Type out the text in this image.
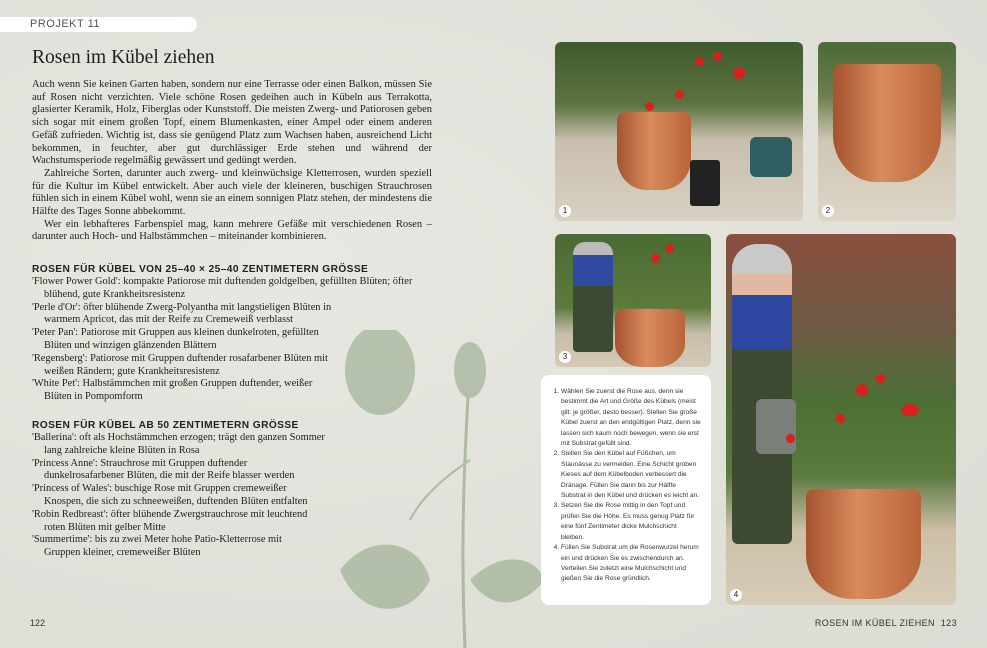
PROJEKT 11
Rosen im Kübel ziehen

Auch wenn Sie keinen Garten haben, sondern nur eine Terrasse oder einen Balkon, müssen Sie auf Rosen nicht verzichten. Viele schöne Rosen gedeihen auch in Kübeln aus Terrakotta, glasierter Keramik, Holz, Fiberglas oder Kunststoff. Die meisten Zwerg- und Patiorosen geben sich sogar mit einem großen Topf, einem Blumenkasten, einer Ampel oder einem anderen Gefäß zufrieden. Wichtig ist, dass sie genügend Platz zum Wachsen haben, ausreichend Licht bekommen, in feuchter, aber gut durchlässiger Erde stehen und während der Wachstumsperiode regelmäßig gewässert und gedüngt werden.

Zahlreiche Sorten, darunter auch zwerg- und kleinwüchsige Kletterrosen, wurden speziell für die Kultur im Kübel entwickelt. Aber auch viele der kleineren, buschigen Strauchrosen fühlen sich in einem Kübel wohl, wenn sie an einem sonnigen Platz stehen, der mindestens die Hälfte des Tages Sonne abbekommt.

Wer ein lebhafteres Farbenspiel mag, kann mehrere Gefäße mit verschiedenen Rosen – darunter auch Hoch- und Halbstämmchen – miteinander kombinieren.

ROSEN FÜR KÜBEL VON 25–40 × 25–40 ZENTIMETERN GRÖSSE
'Flower Power Gold': kompakte Patiorose mit duftenden goldgelben, gefüllten Blüten; öfter blühend, gute Krankheitsresistenz
'Perle d'Or': öfter blühende Zwerg-Polyantha mit langstieligen Blüten in warmem Apricot, das mit der Reife zu Cremeweiß verblasst
'Peter Pan': Patiorose mit Gruppen aus kleinen dunkelroten, gefüllten Blüten und winzigen glänzenden Blättern
'Regensberg': Patiorose mit Gruppen duftender rosafarbener Blüten mit weißen Rändern; gute Krankheitsresistenz
'White Pet': Halbstämmchen mit großen Gruppen duftender, weißer Blüten in Pompomform
ROSEN FÜR KÜBEL AB 50 ZENTIMETERN GRÖSSE
'Ballerina': oft als Hochstämmchen erzogen; trägt den ganzen Sommer lang zahlreiche kleine Blüten in Rosa
'Princess Anne': Strauchrose mit Gruppen duftender dunkelrosafarbener Blüten, die mit der Reife blasser werden
'Princess of Wales': buschige Rose mit Gruppen cremeweißer Knospen, die sich zu schneeweißen, duftenden Blüten entfalten
'Robin Redbreast': öfter blühende Zwergstrauchrose mit leuchtend roten Blüten mit gelber Mitte
'Summertime': bis zu zwei Meter hohe Patio-Kletterrose mit Gruppen kleiner, cremeweißer Blüten
122	ROSEN IM KÜBEL ZIEHEN 123
1	2
3
4
1. Wählen Sie zuerst die Rose aus, denn sie bestimmt die Art und Größe des Kübels (meist gilt: je größer, desto besser). Stellen Sie große Kübel zuerst an den endgültigen Platz, denn sie lassen sich kaum noch bewegen, wenn sie erst mit Substrat gefüllt sind.
2. Stellen Sie den Kübel auf Füßchen, um Staunässe zu vermeiden. Eine Schicht groben Kieses auf dem Kübelboden verbessert die Dränage. Füllen Sie dann bis zur Hälfte Substrat in den Kübel und drücken es leicht an.
3. Setzen Sie die Rose mittig in den Topf und prüfen Sie die Höhe. Es muss genug Platz für eine fünf Zentimeter dicke Mulchschicht bleiben.
4. Füllen Sie Substrat um die Rosenwurzel herum ein und drücken Sie es zwischendurch an. Verteilen Sie zuletzt eine Mulchschicht und gießen Sie die Rose gründlich.
